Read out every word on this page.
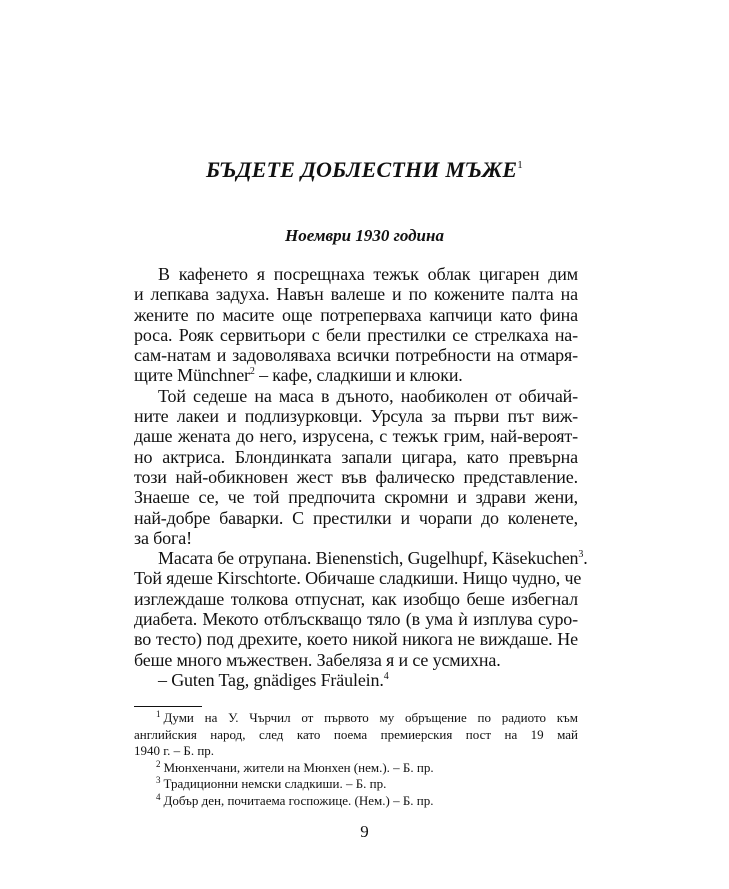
БЪДЕТЕ ДОБЛЕСТНИ МЪЖЕ$^1$
Ноември 1930 година
В кафенето я посрещнаха тежък облак цигарен дим
и лепкава задуха. Навън валеше и по кожените палта на
жените по масите още потреперваха капчици като фина
роса. Рояк сервитьори с бели престилки се стрелкаха на-
сам-натам и задоволяваха всички потребности на отмаря-
щите Münchner$^2$ – кафе, сладкиши и клюки.
Той седеше на маса в дъното, наобиколен от обичай-
ните лакеи и подлизурковци. Урсула за първи път виж-
даше жената до него, изрусена, с тежък грим, най-вероят-
но актриса. Блондинката запали цигара, като превърна
този най-обикновен жест във фалическо представление.
Знаеше се, че той предпочита скромни и здрави жени,
най-добре баварки. С престилки и чорапи до коленете,
за бога!
Масата бе отрупана. Bienenstich, Gugelhupf, Käsekuchen$^3$.
Той ядеше Kirschtorte. Обичаше сладкиши. Нищо чудно, че
изглеждаше толкова отпуснат, как изобщо беше избегнал
диабета. Мекото отблъскващо тяло (в ума ѝ изплува суро-
во тесто) под дрехите, което никой никога не виждаше. Не
беше много мъжествен. Забеляза я и се усмихна.
– Guten Tag, gnädiges Fräulein.$^4$
$^1$ Думи на У. Чърчил от първото му обръщение по радиото към
английския народ, след като поема премиерския пост на 19 май
1940 г. – Б. пр.
$^2$ Мюнхенчани, жители на Мюнхен (нем.). – Б. пр.
$^3$ Традиционни немски сладкиши. – Б. пр.
$^4$ Добър ден, почитаема госпожице. (Нем.) – Б. пр.
9
